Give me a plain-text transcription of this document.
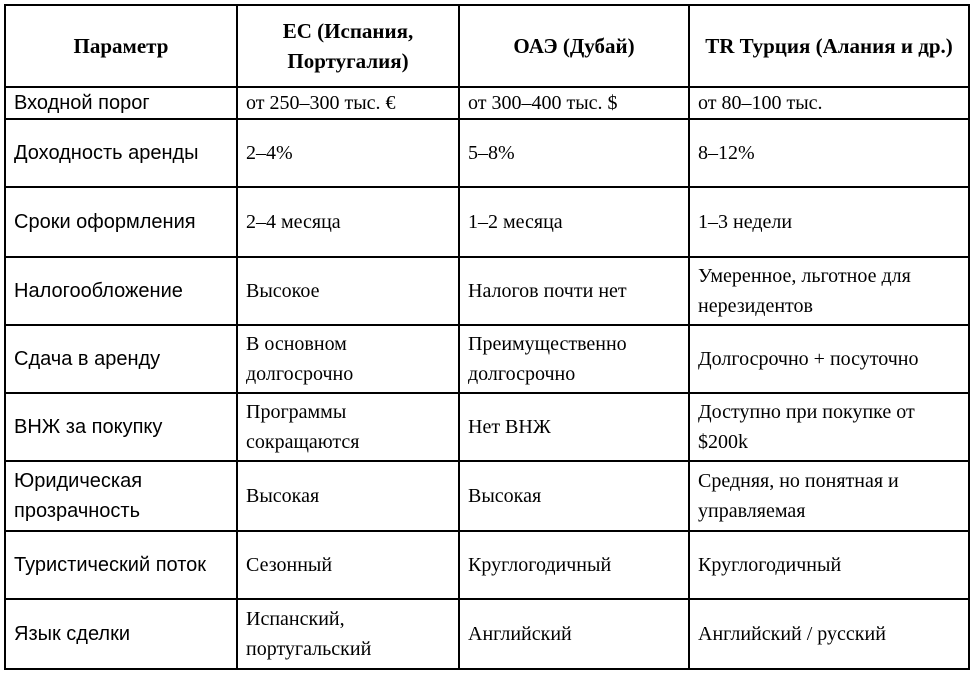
Параметр	ЕС (Испания, Португалия)	ОАЭ (Дубай)	TR Турция (Алания и др.)
Входной порог	от 250–300 тыс. €	от 300–400 тыс. $	от 80–100 тыс.
Доходность аренды	2–4%	5–8%	8–12%
Сроки оформления	2–4 месяца	1–2 месяца	1–3 недели
Налогообложение	Высокое	Налогов почти нет	Умеренное, льготное для нерезидентов
Сдача в аренду	В основном долгосрочно	Преимущественно долгосрочно	Долгосрочно + посуточно
ВНЖ за покупку	Программы сокращаются	Нет ВНЖ	Доступно при покупке от $200k
Юридическая прозрачность	Высокая	Высокая	Средняя, но понятная и управляемая
Туристический поток	Сезонный	Круглогодичный	Круглогодичный
Язык сделки	Испанский, португальский	Английский	Английский / русский
